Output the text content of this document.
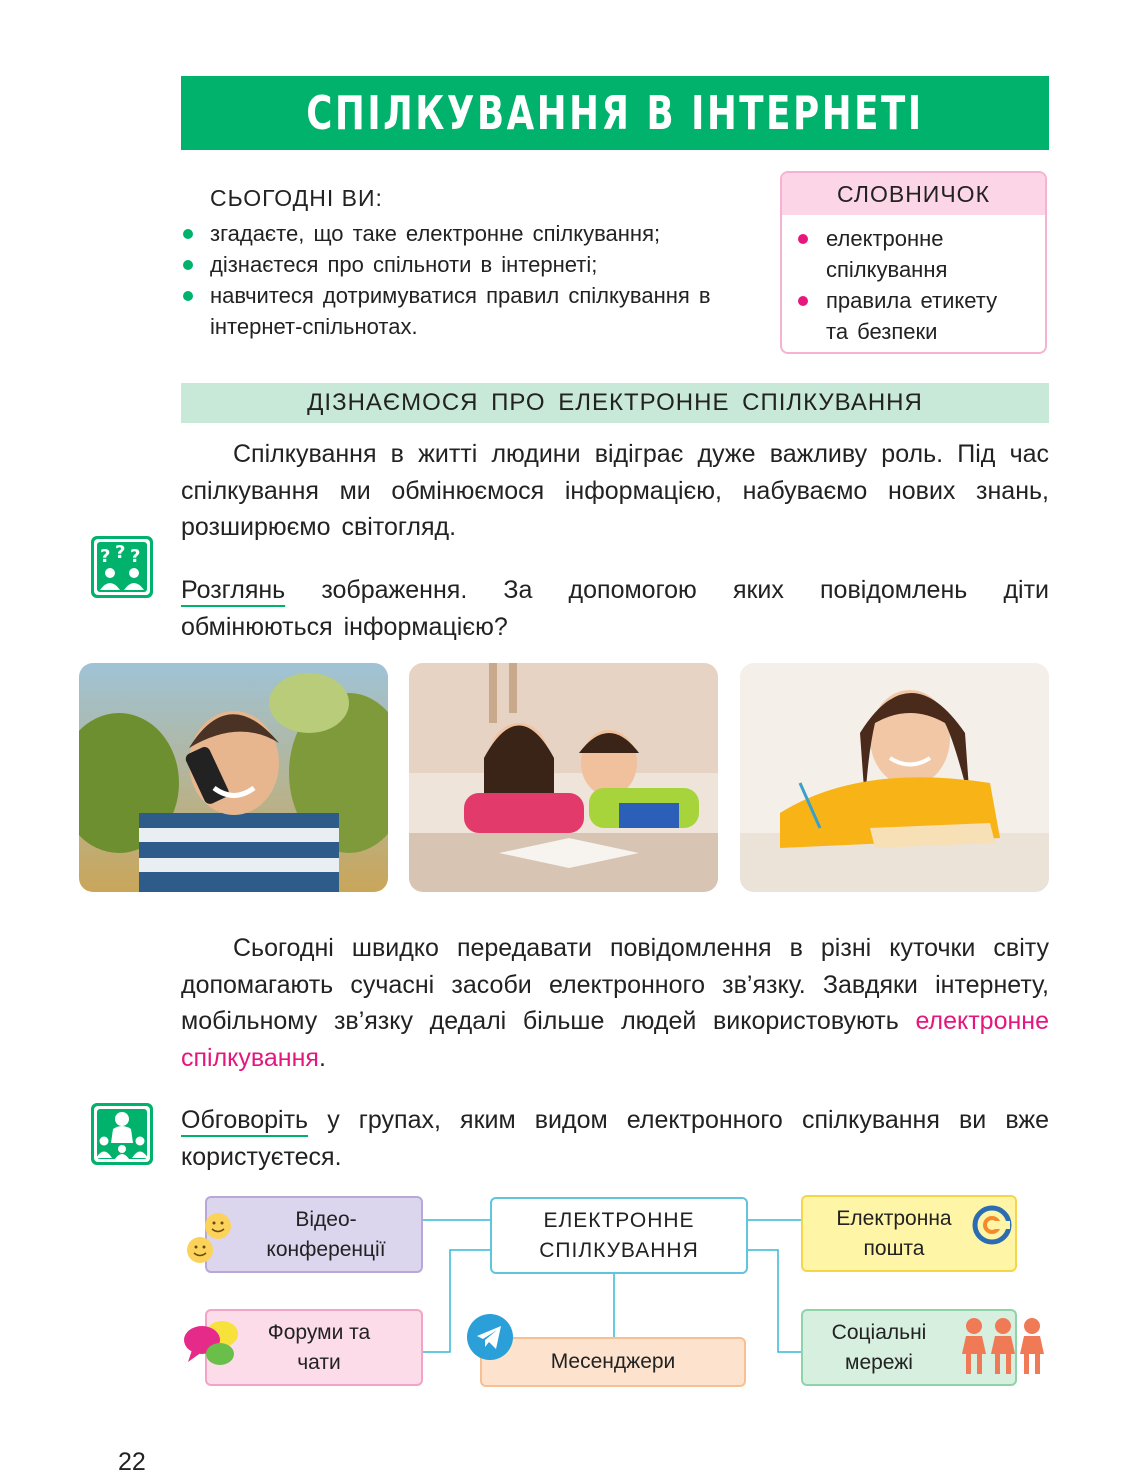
СПІЛКУВАННЯ В ІНТЕРНЕТІ
СЬОГОДНІ ВИ:
згадаєте, що таке електронне спілкування;
дізнаєтеся про спільноти в інтернеті;
навчитеся дотримуватися правил спілкування в інтернет-спільнотах.
СЛОВНИЧОК
електронне спілкування
правила етикету та безпеки
ДІЗНАЄМОСЯ ПРО ЕЛЕКТРОННЕ СПІЛКУВАННЯ
Спілкування в житті людини відіграє дуже важливу роль. Під час спілкування ми обмінюємося інформацією, набуваємо нових знань, розширюємо світогляд.
? ? ?
Розглянь зображення. За допомогою яких повідомлень діти обмінюються інформацією?
Сьогодні швидко передавати повідомлення в різні куточки світу допомагають сучасні засоби електронного зв’язку. Завдяки інтернету, мобільному зв’язку дедалі більше людей використовують електронне спілкування.
Обговоріть у групах, яким видом електронного спілкування ви вже користуєтеся.
ЕЛЕКТРОННЕ СПІЛКУВАННЯ
Відео-конференції
Форуми та чати	Месенджери
Електронна пошта
Соціальні мережі
22
